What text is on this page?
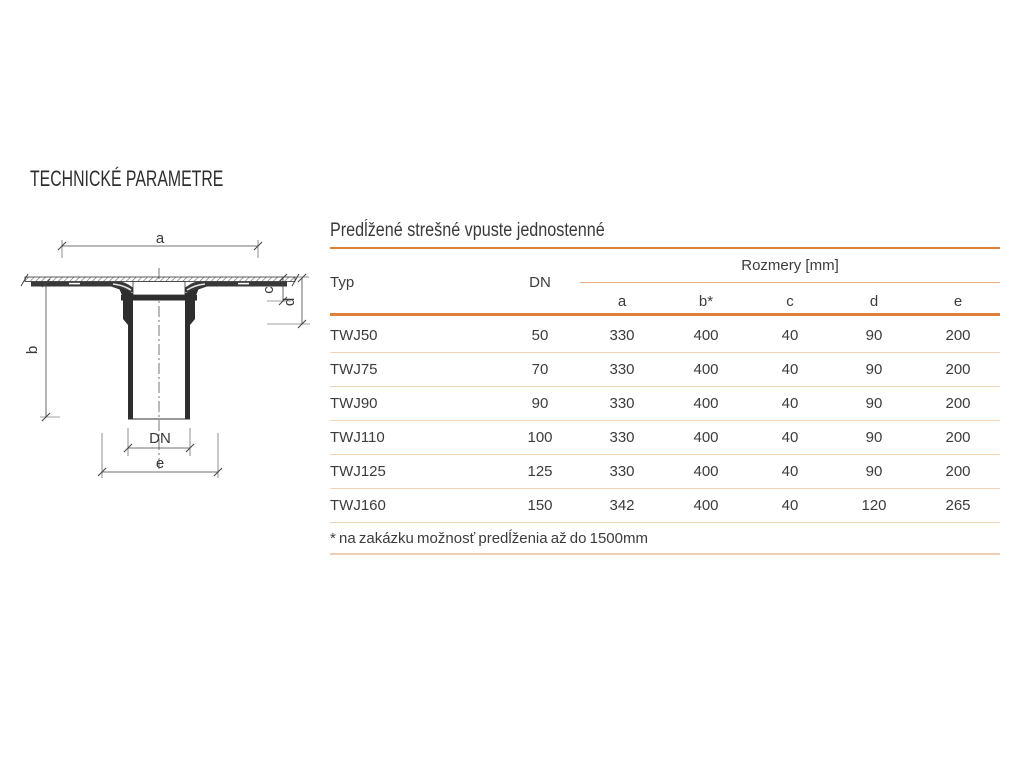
TECHNICKÉ PARAMETRE
a
b
c
d
DN
e
Predĺžené strešné vpuste jednostenné
Rozmery [mm]
Typ	DN
a	b*	c	d	e
TWJ50	50	330	400	40	90	200
TWJ75	70	330	400	40	90	200
TWJ90	90	330	400	40	90	200
TWJ110	100	330	400	40	90	200
TWJ125	125	330	400	40	90	200
TWJ160	150	342	400	40	120	265
* na zakázku možnosť predĺženia až do 1500mm
